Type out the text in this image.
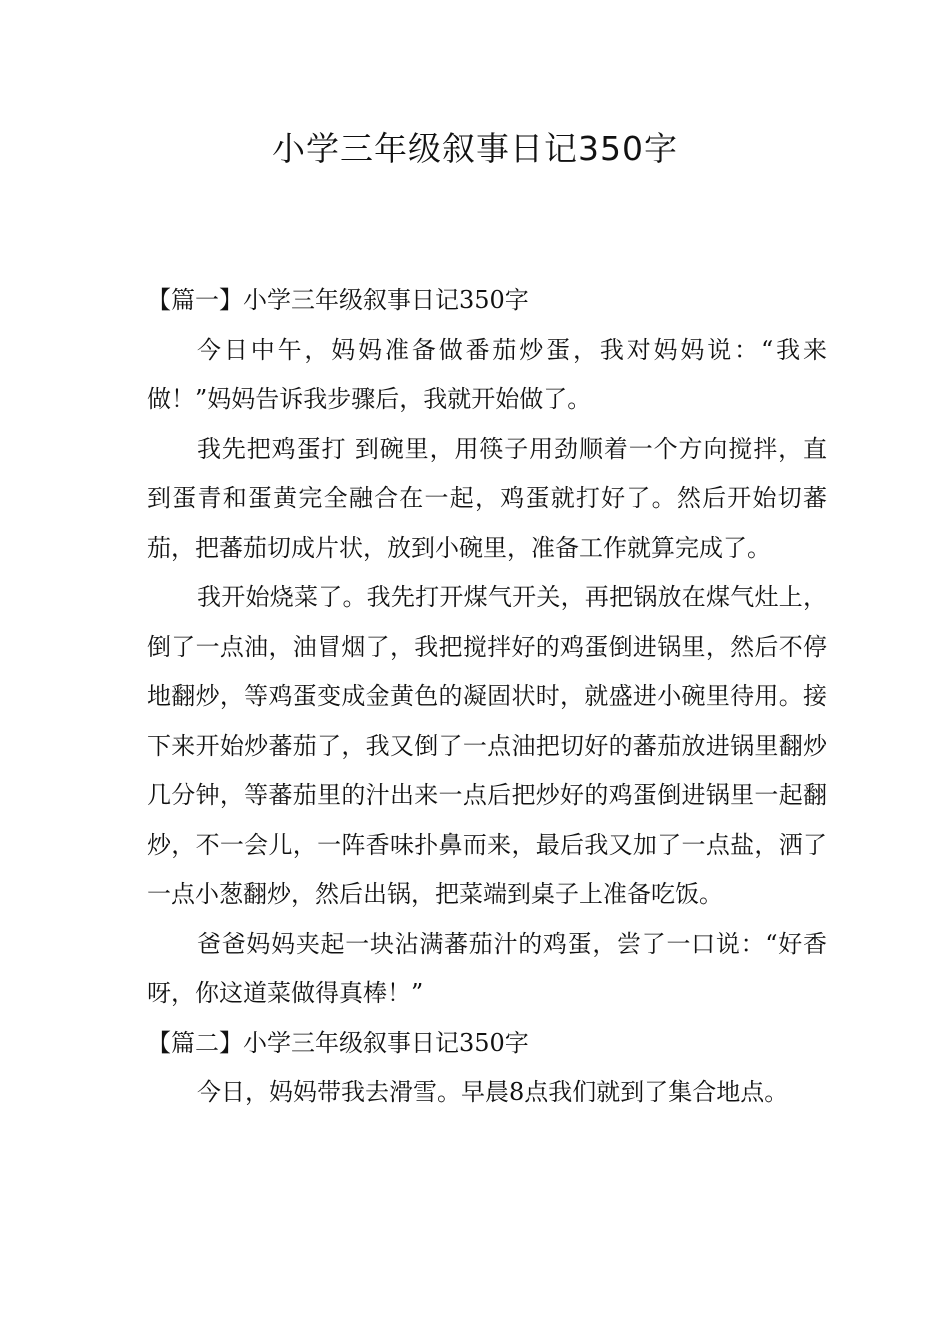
小学三年级叙事日记350字

【篇一】小学三年级叙事日记350字

今日中午，妈妈准备做番茄炒蛋，我对妈妈说：“我来做！”妈妈告诉我步骤后，我就开始做了。

我先把鸡蛋打 到碗里，用筷子用劲顺着一个方向搅拌，直到蛋青和蛋黄完全融合在一起，鸡蛋就打好了。然后开始切蕃茄，把蕃茄切成片状，放到小碗里，准备工作就算完成了。

我开始烧菜了。我先打开煤气开关，再把锅放在煤气灶上，倒了一点油，油冒烟了，我把搅拌好的鸡蛋倒进锅里，然后不停地翻炒，等鸡蛋变成金黄色的凝固状时，就盛进小碗里待用。接下来开始炒蕃茄了，我又倒了一点油把切好的蕃茄放进锅里翻炒几分钟，等蕃茄里的汁出来一点后把炒好的鸡蛋倒进锅里一起翻炒，不一会儿，一阵香味扑鼻而来，最后我又加了一点盐，洒了一点小葱翻炒，然后出锅，把菜端到桌子上准备吃饭。

爸爸妈妈夹起一块沾满蕃茄汁的鸡蛋，尝了一口说：“好香呀，你这道菜做得真棒！”

【篇二】小学三年级叙事日记350字

今日，妈妈带我去滑雪。早晨8点我们就到了集合地点。
